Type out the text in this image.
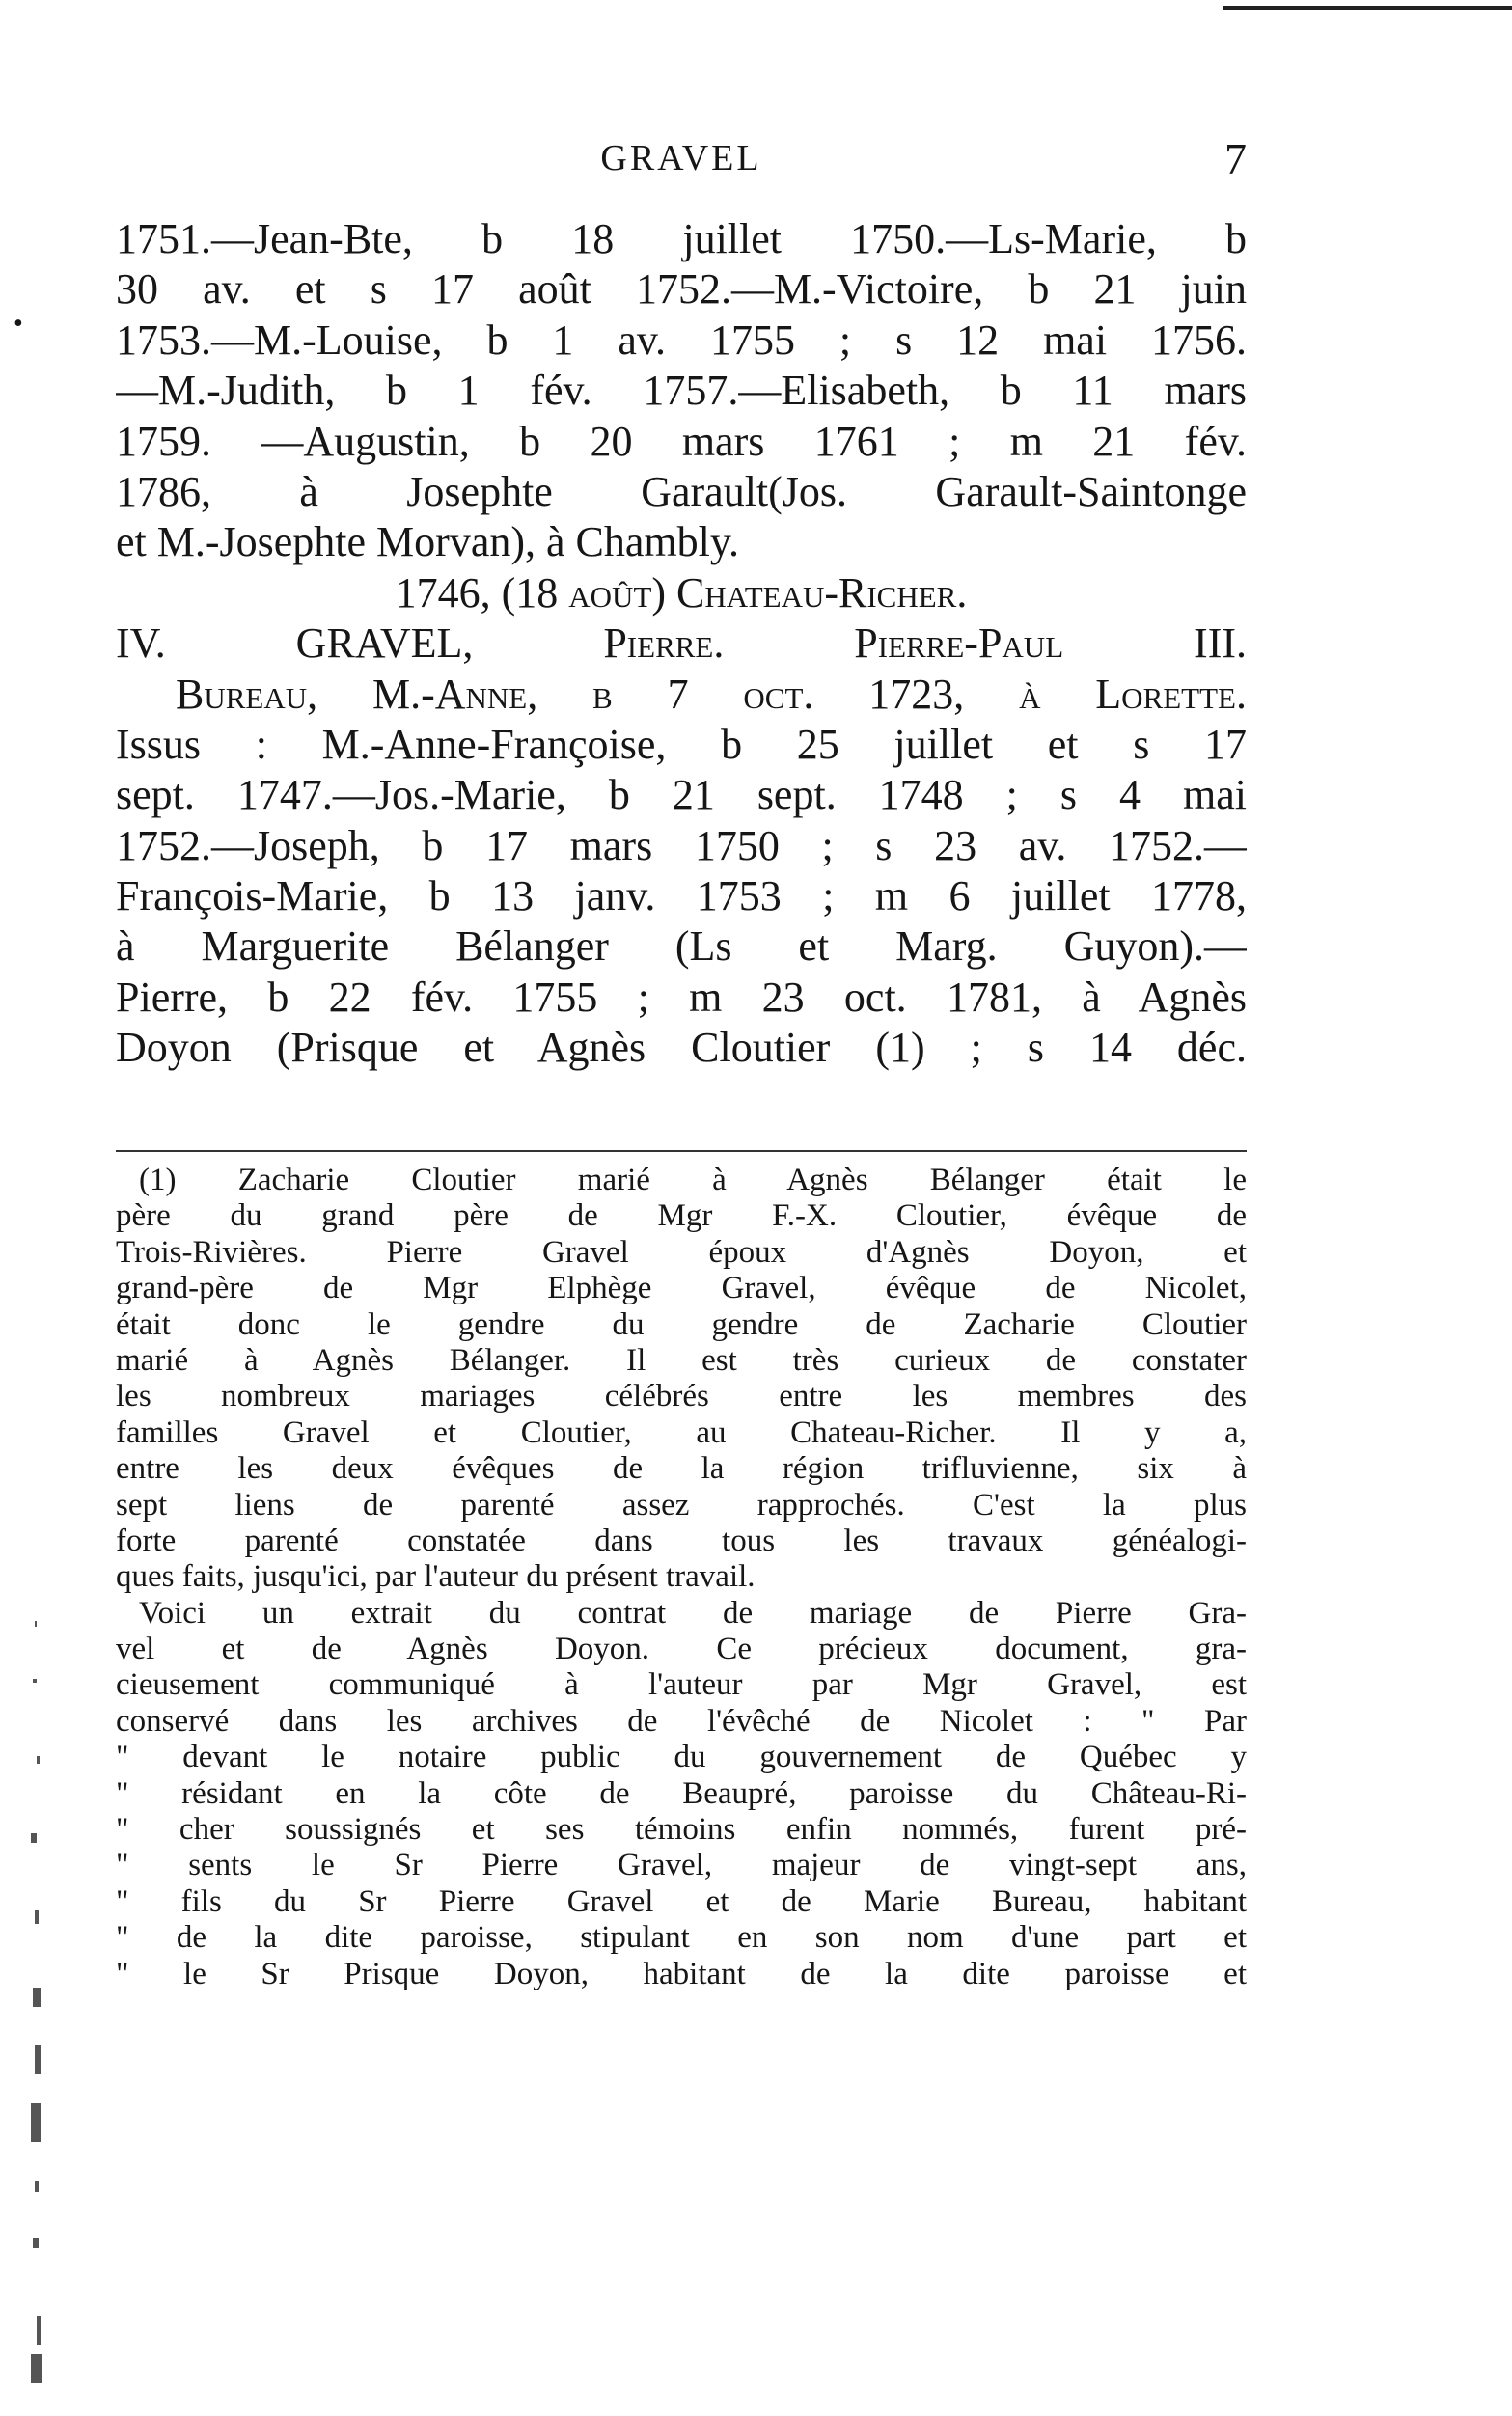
•
GRAVEL	7
1751.—Jean-Bte, b 18 juillet 1750.—Ls-Marie, b
30 av. et s 17 août 1752.—M.-Victoire, b 21 juin
1753.—M.-Louise, b 1 av. 1755 ; s 12 mai 1756.
—M.-Judith, b 1 fév. 1757.—Elisabeth, b 11 mars
1759. —Augustin, b 20 mars 1761 ; m 21 fév.
1786, à Josephte Garault(Jos. Garault-Saintonge
et M.-Josephte Morvan), à Chambly.
1746, (18 août) Chateau-Richer.
IV. GRAVEL, Pierre. Pierre-Paul III.
Bureau, M.-Anne, b 7 oct. 1723, à Lorette.
Issus : M.-Anne-Françoise, b 25 juillet et s 17
sept. 1747.—Jos.-Marie, b 21 sept. 1748 ; s 4 mai
1752.—Joseph, b 17 mars 1750 ; s 23 av. 1752.—
François-Marie, b 13 janv. 1753 ; m 6 juillet 1778,
à Marguerite Bélanger (Ls et Marg. Guyon).—
Pierre, b 22 fév. 1755 ; m 23 oct. 1781, à Agnès
Doyon (Prisque et Agnès Cloutier (1) ; s 14 déc.
(1) Zacharie Cloutier marié à Agnès Bélanger était le
père du grand père de Mgr F.-X. Cloutier, évêque de
Trois-Rivières. Pierre Gravel époux d'Agnès Doyon, et
grand-père de Mgr Elphège Gravel, évêque de Nicolet,
était donc le gendre du gendre de Zacharie Cloutier
marié à Agnès Bélanger. Il est très curieux de constater
les nombreux mariages célébrés entre les membres des
familles Gravel et Cloutier, au Chateau-Richer. Il y a,
entre les deux évêques de la région trifluvienne, six à
sept liens de parenté assez rapprochés. C'est la plus
forte parenté constatée dans tous les travaux généalogi-
ques faits, jusqu'ici, par l'auteur du présent travail.
Voici un extrait du contrat de mariage de Pierre Gra-
vel et de Agnès Doyon. Ce précieux document, gra-
cieusement communiqué à l'auteur par Mgr Gravel, est
conservé dans les archives de l'évêché de Nicolet : " Par
" devant le notaire public du gouvernement de Québec y
" résidant en la côte de Beaupré, paroisse du Château-Ri-
" cher soussignés et ses témoins enfin nommés, furent pré-
" sents le Sr Pierre Gravel, majeur de vingt-sept ans,
" fils du Sr Pierre Gravel et de Marie Bureau, habitant
" de la dite paroisse, stipulant en son nom d'une part et
" le Sr Prisque Doyon, habitant de la dite paroisse et
